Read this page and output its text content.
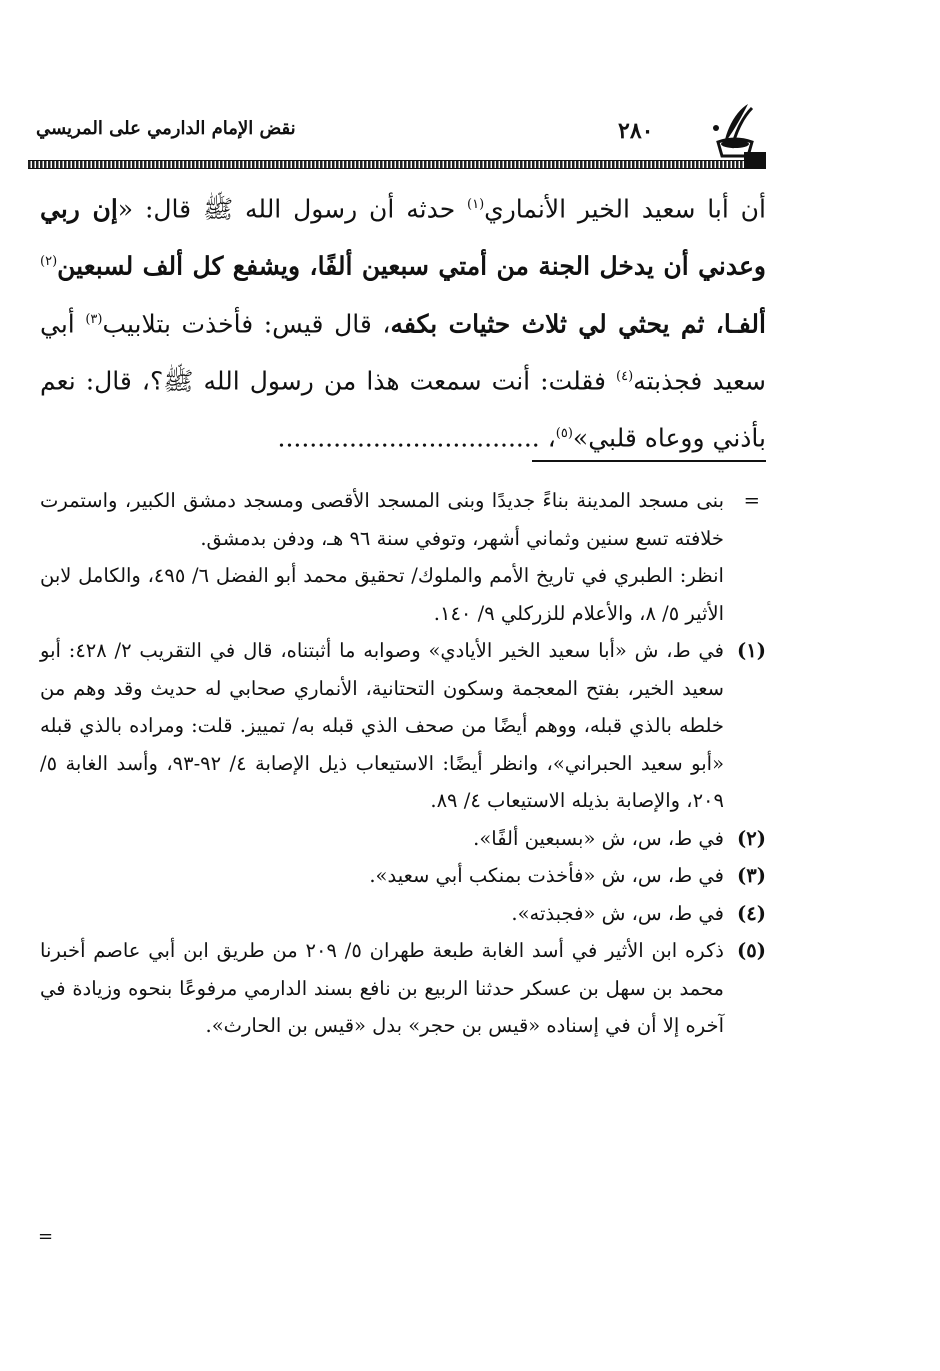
نقض الإمام الدارمي على المريسي	٢٨٠
أن أبا سعيد الخير الأنماري$^{(١)}$ حدثه أن رسول الله ﷺ قال: «إن ربي وعدني أن يدخل الجنة من أمتي سبعين ألفًا، ويشفع كل ألف لسبعين$^{(٢)}$ ألفـا، ثم يحثي لي ثلاث حثيات بكفه، قال قيس: فأخذت بتلابيب$^{(٣)}$ أبي سعيد فجذبته$^{(٤)}$ فقلت: أنت سمعت هذا من رسول الله ﷺ؟، قال: نعم بأذني ووعاه قلبي»$^{(٥)}$، .................................
=
بنى مسجد المدينة بناءً جديدًا وبنى المسجد الأقصى ومسجد دمشق الكبير، واستمرت خلافته تسع سنين وثماني أشهر، وتوفي سنة ٩٦ هـ، ودفن بدمشق.
انظر: الطبري في تاريخ الأمم والملوك/ تحقيق محمد أبو الفضل ٦/ ٤٩٥، والكامل لابن الأثير ٥/ ٨، والأعلام للزركلي ٩/ ١٤٠.
(١)
في ط، ش «أبا سعيد الخير الأيادي» وصوابه ما أثبتناه، قال في التقريب ٢/ ٤٢٨: أبو سعيد الخير، بفتح المعجمة وسكون التحتانية، الأنماري صحابي له حديث وقد وهم من خلطه بالذي قبله، ووهم أيضًا من صحف الذي قبله به/ تمييز. قلت: ومراده بالذي قبله «أبو سعيد الحبراني»، وانظر أيضًا: الاستيعاب ذيل الإصابة ٤/ ٩٢-٩٣، وأسد الغابة ٥/ ٢٠٩، والإصابة بذيله الاستيعاب ٤/ ٨٩.
(٢)
في ط، س، ش «بسبعين ألفًا».
(٣)
في ط، س، ش «فأخذت بمنكب أبي سعيد».
(٤)
في ط، س، ش «فجبذته».
(٥)
ذكره ابن الأثير في أسد الغابة طبعة طهران ٥/ ٢٠٩ من طريق ابن أبي عاصم أخبرنا محمد بن سهل بن عسكر حدثنا الربيع بن نافع بسند الدارمي مرفوعًا بنحوه وزيادة في آخره إلا أن في إسناده «قيس بن حجر» بدل «قيس بن الحارث».
=
